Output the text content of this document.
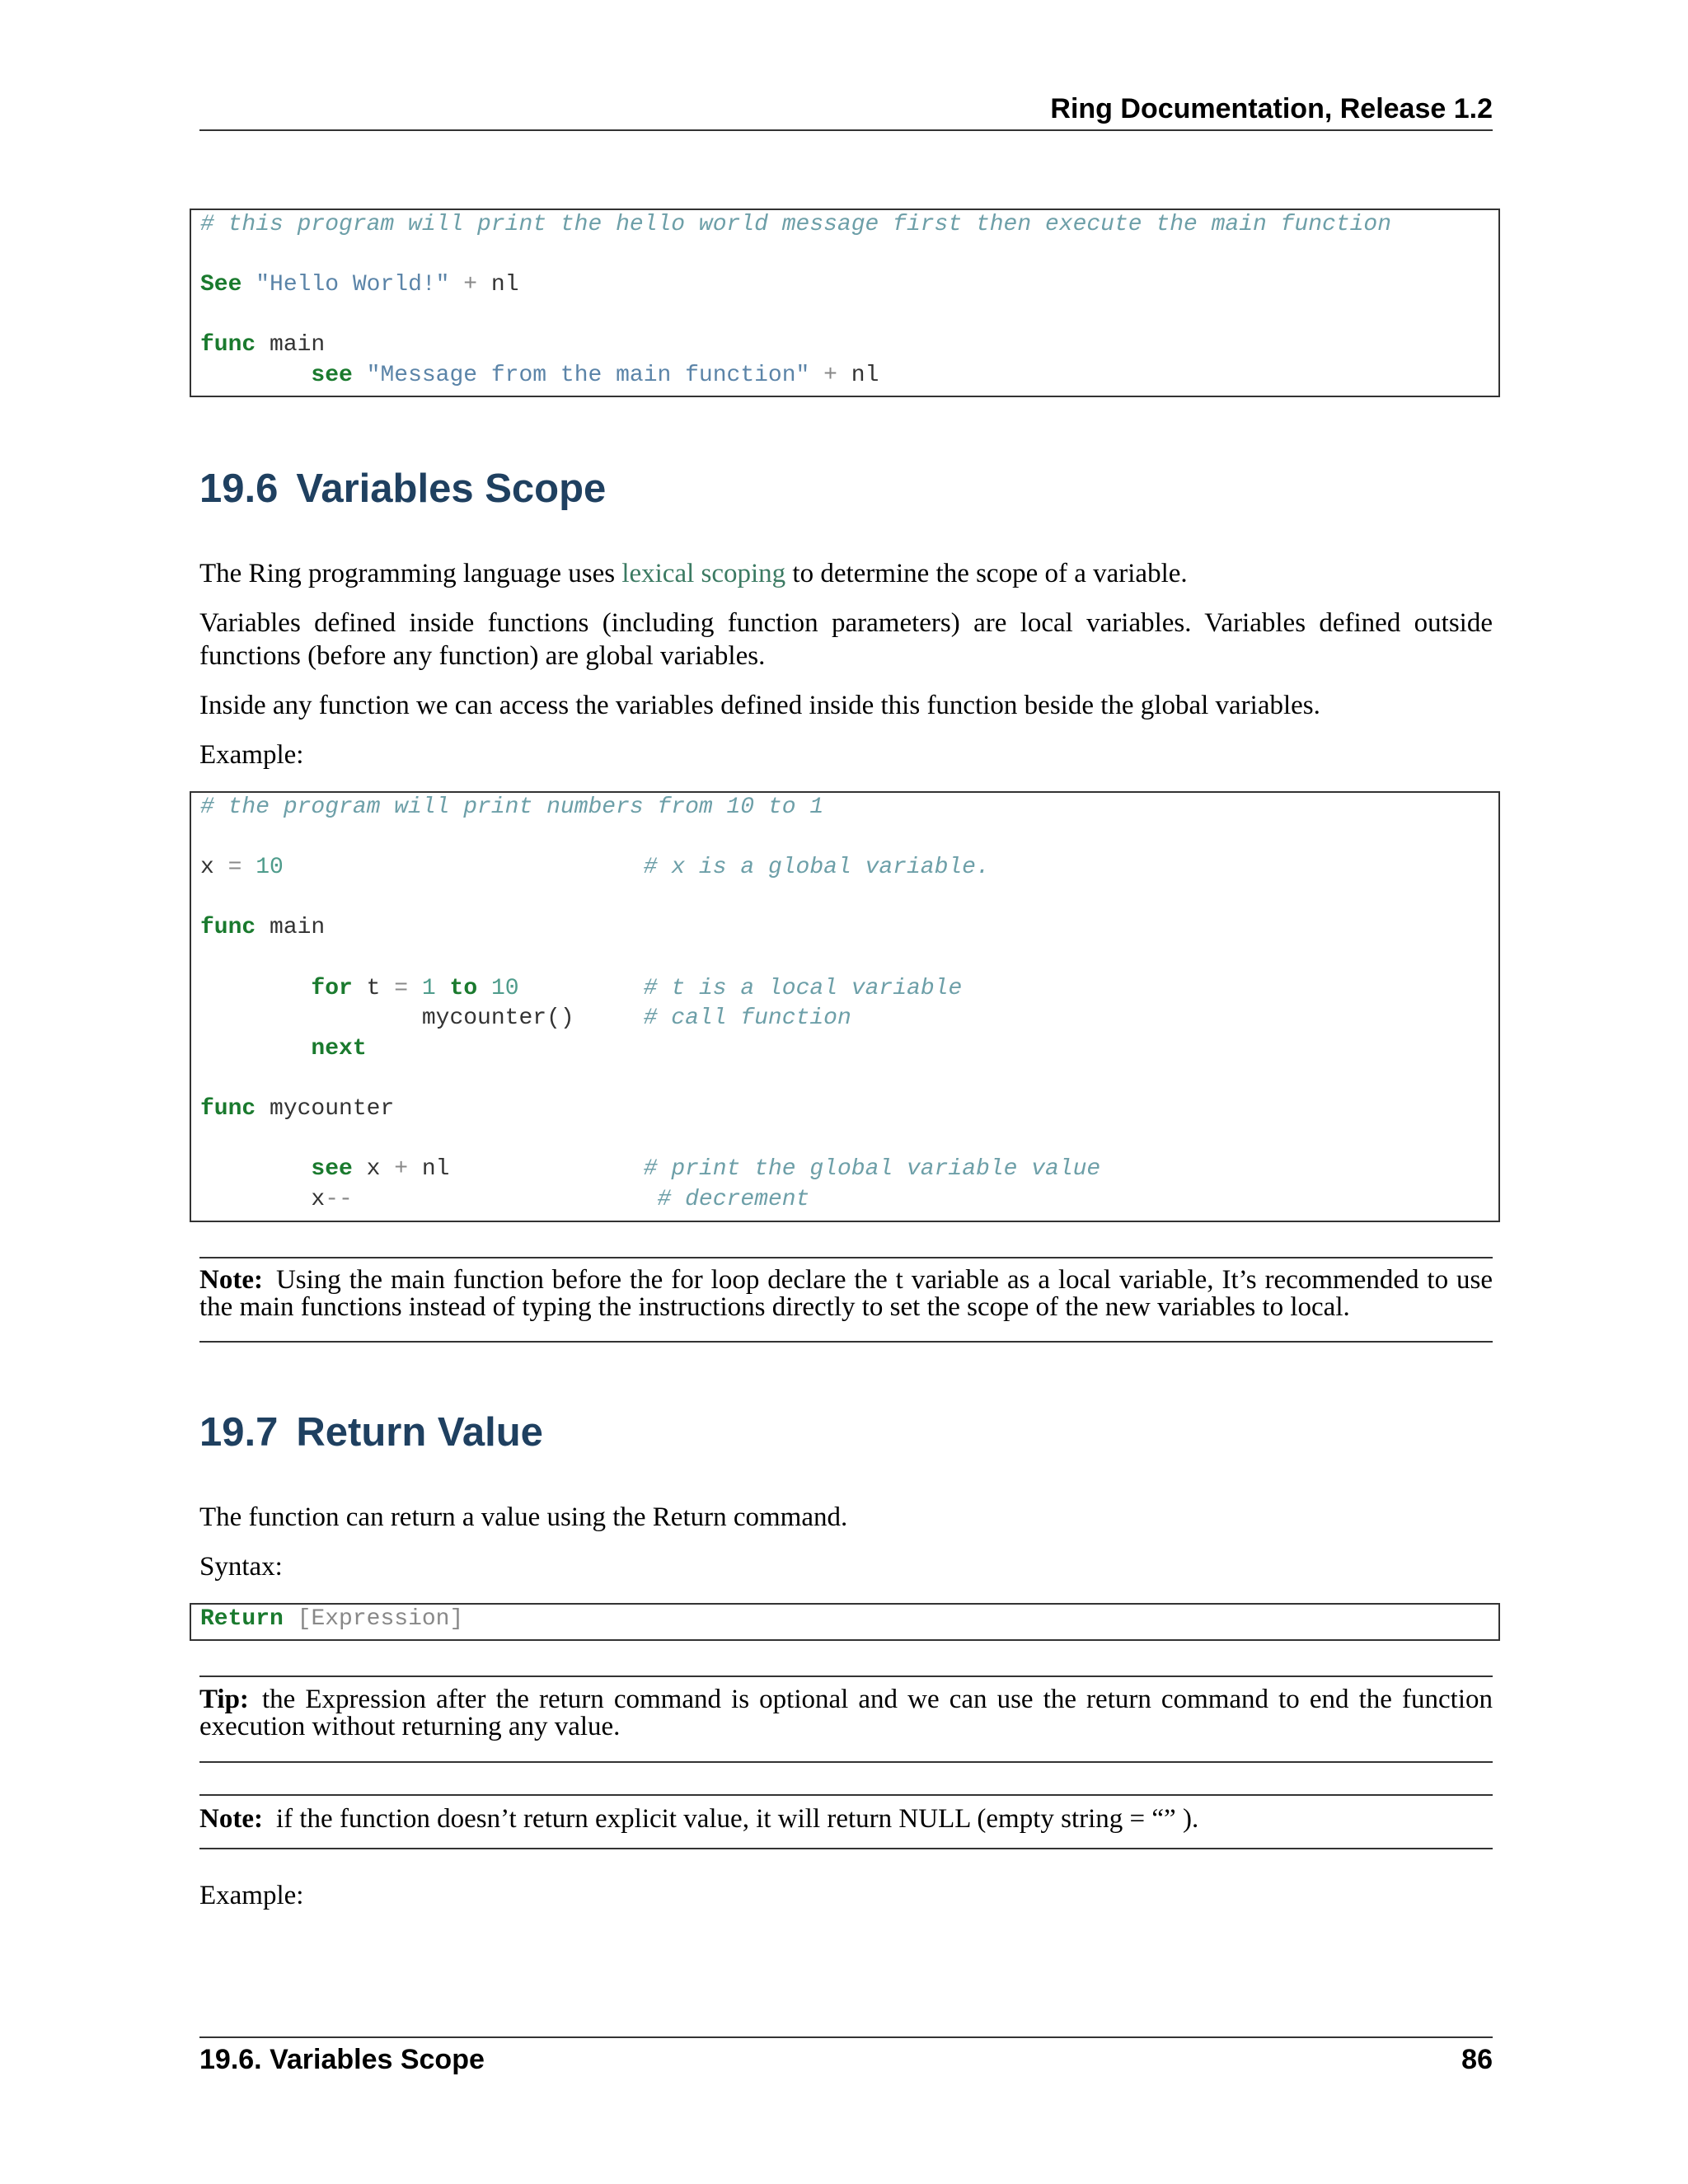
Ring Documentation, Release 1.2
# this program will print the hello world message first then execute the main function

See "Hello World!" + nl

func main
see "Message from the main function" + nl
19.6 Variables Scope

The Ring programming language uses lexical scoping to determine the scope of a variable.

Variables defined inside functions (including function parameters) are local variables. Variables defined outside functions (before any function) are global variables.

Inside any function we can access the variables defined inside this function beside the global variables.

Example:

# the program will print numbers from 10 to 1

x = 10	# x is a global variable.

func main

for t = 1 to 10	# t is a local variable
mycounter()	# call function
next

func mycounter

see x + nl              # print the global variable value
x--	# decrement

Note: Using the main function before the for loop declare the t variable as a local variable, It’s recommended to use the main functions instead of typing the instructions directly to set the scope of the new variables to local.

19.7 Return Value

The function can return a value using the Return command.

Syntax:

Return [Expression]

Tip: the Expression after the return command is optional and we can use the return command to end the function execution without returning any value.

Note: if the function doesn’t return explicit value, it will return NULL (empty string = “” ).

Example:

19.6. Variables Scope	86
